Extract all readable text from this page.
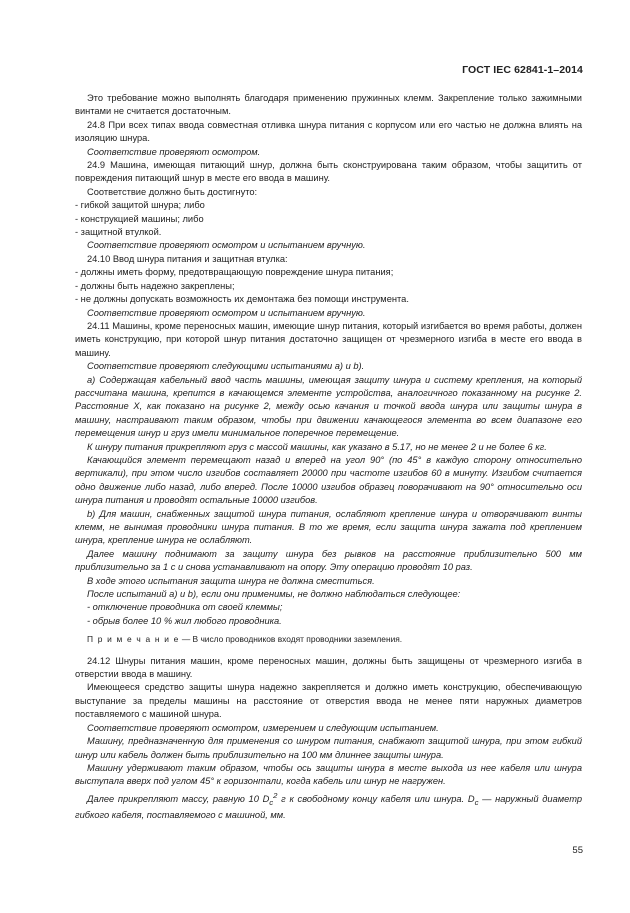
ГОСТ IEC 62841-1–2014

Это требование можно выполнять благодаря применению пружинных клемм. Закрепление только зажимными винтами не считается достаточным.

24.8 При всех типах ввода совместная отливка шнура питания с корпусом или его частью не должна влиять на изоляцию шнура.

Соответствие проверяют осмотром.

24.9 Машина, имеющая питающий шнур, должна быть сконструирована таким образом, чтобы защитить от повреждения питающий шнур в месте его ввода в машину.

Соответствие должно быть достигнуто:

- гибкой защитой шнура; либо

- конструкцией машины; либо

- защитной втулкой.

Соответствие проверяют осмотром и испытанием вручную.

24.10 Ввод шнура питания и защитная втулка:

- должны иметь форму, предотвращающую повреждение шнура питания;

- должны быть надежно закреплены;

- не должны допускать возможность их демонтажа без помощи инструмента.

Соответствие проверяют осмотром и испытанием вручную.

24.11 Машины, кроме переносных машин, имеющие шнур питания, который изгибается во время работы, должен иметь конструкцию, при которой шнур питания достаточно защищен от чрезмерного изгиба в месте его ввода в машину.

Соответствие проверяют следующими испытаниями a) и b).

a) Содержащая кабельный ввод часть машины, имеющая защиту шнура и систему крепления, на который рассчитана машина, крепится в качающемся элементе устройства, аналогичного показанному на рисунке 2. Расстояние X, как показано на рисунке 2, между осью качания и точкой ввода шнура или защиты шнура в машину, настраивают таким образом, чтобы при движении качающегося элемента во всем диапазоне его перемещения шнур и груз имели минимальное поперечное перемещение.

К шнуру питания прикрепляют груз с массой машины, как указано в 5.17, но не менее 2 и не более 6 кг.

Качающийся элемент перемещают назад и вперед на угол 90° (по 45° в каждую сторону относительно вертикали), при этом число изгибов составляет 20000 при частоте изгибов 60 в минуту. Изгибом считается одно движение либо назад, либо вперед. После 10000 изгибов образец поворачивают на 90° относительно оси шнура питания и проводят остальные 10000 изгибов.

b) Для машин, снабженных защитой шнура питания, ослабляют крепление шнура и отворачивают винты клемм, не вынимая проводники шнура питания. В то же время, если защита шнура зажата под креплением шнура, крепление шнура не ослабляют.

Далее машину поднимают за защиту шнура без рывков на расстояние приблизительно 500 мм приблизительно за 1 с и снова устанавливают на опору. Эту операцию проводят 10 раз.

В ходе этого испытания защита шнура не должна сместиться.

После испытаний a) и b), если они применимы, не должно наблюдаться следующее:

- отключение проводника от своей клеммы;

- обрыв более 10 % жил любого проводника.

П р и м е ч а н и е — В число проводников входят проводники заземления.

24.12 Шнуры питания машин, кроме переносных машин, должны быть защищены от чрезмерного изгиба в отверстии ввода в машину.

Имеющееся средство защиты шнура надежно закрепляется и должно иметь конструкцию, обеспечивающую выступание за пределы машины на расстояние от отверстия ввода не менее пяти наружных диаметров поставляемого с машиной шнура.

Соответствие проверяют осмотром, измерением и следующим испытанием.

Машину, предназначенную для применения со шнуром питания, снабжают защитой шнура, при этом гибкий шнур или кабель должен быть приблизительно на 100 мм длиннее защиты шнура.

Машину удерживают таким образом, чтобы ось защиты шнура в месте выхода из нее кабеля или шнура выступала вверх под углом 45° к горизонтали, когда кабель или шнур не нагружен.

Далее прикрепляют массу, равную 10 $D_c^2$ г к свободному концу кабеля или шнура. $D_c$ — наружный диаметр гибкого кабеля, поставляемого с машиной, мм.

55
